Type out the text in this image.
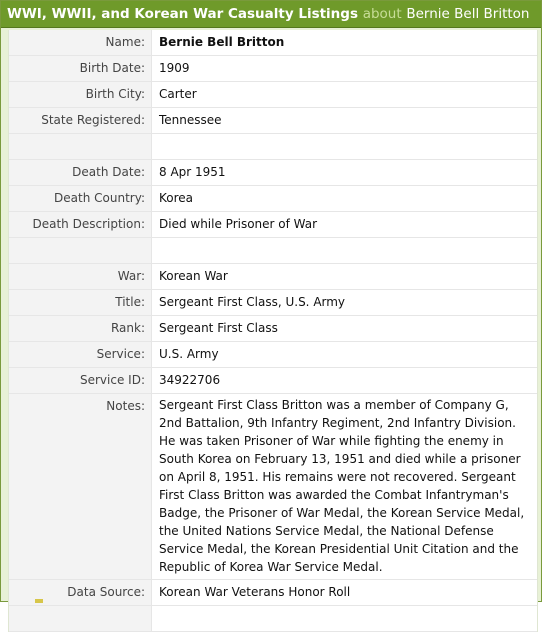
WWI, WWII, and Korean War Casualty Listings about Bernie Bell Britton
Name:	Bernie Bell Britton
Birth Date:	1909
Birth City:	Carter
State Registered:	Tennessee

Death Date:	8 Apr 1951
Death Country:	Korea
Death Description:	Died while Prisoner of War

War:	Korean War
Title:	Sergeant First Class, U.S. Army
Rank:	Sergeant First Class
Service:	U.S. Army
Service ID:	34922706
Notes:	Sergeant First Class Britton was a member of Company G, 2nd Battalion, 9th Infantry Regiment, 2nd Infantry Division. He was taken Prisoner of War while fighting the enemy in South Korea on February 13, 1951 and died while a prisoner on April 8, 1951. His remains were not recovered. Sergeant First Class Britton was awarded the Combat Infantryman's Badge, the Prisoner of War Medal, the Korean Service Medal, the United Nations Service Medal, the National Defense Service Medal, the Korean Presidential Unit Citation and the Republic of Korea War Service Medal.
Data Source:	Korean War Veterans Honor Roll
